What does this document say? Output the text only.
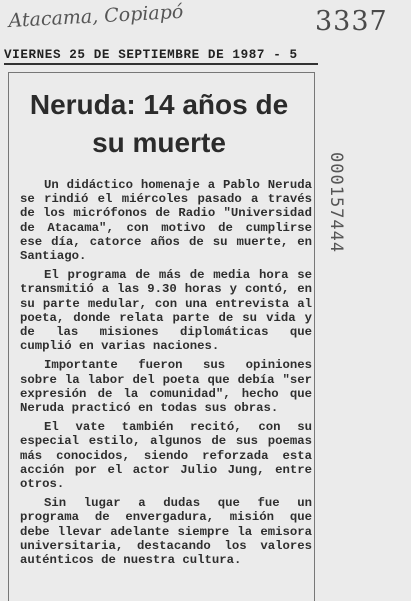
Atacama, Copiapó	3337
000157444
VIERNES 25 DE SEPTIEMBRE DE 1987 - 5
Neruda: 14 años de su muerte

Un didáctico homenaje a Pablo Neruda se rindió el miércoles pasado a través de los micrófonos de Radio "Universidad de Atacama", con motivo de cumplirse ese día, catorce años de su muerte, en Santiago.

El programa de más de media hora se transmitió a las 9.30 horas y contó, en su parte medular, con una entrevista al poeta, donde relata parte de su vida y de las misiones diplomáticas que cumplió en varias naciones.

Importante fueron sus opiniones sobre la labor del poeta que debía "ser expresión de la comunidad", hecho que Neruda practicó en todas sus obras.

El vate también recitó, con su especial estilo, algunos de sus poemas más conocidos, siendo reforzada esta acción por el actor Julio Jung, entre otros.

Sin lugar a dudas que fue un programa de envergadura, misión que debe llevar adelante siempre la emisora universitaria, destacando los valores auténticos de nuestra cultura.
